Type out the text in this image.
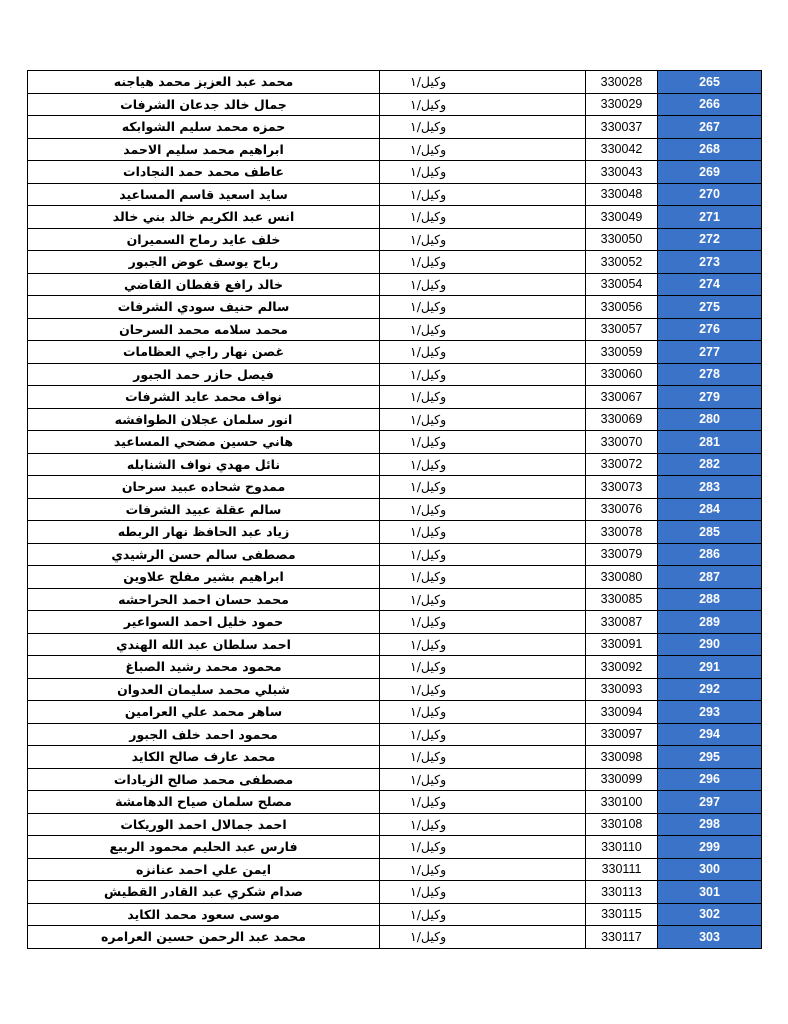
محمد عبد العزيز محمد هياجنه	وكيل/١	330028	265
جمال خالد جدعان الشرفات	وكيل/١	330029	266
حمزه محمد سليم الشوابكه	وكيل/١	330037	267
ابراهيم محمد سليم الاحمد	وكيل/١	330042	268
عاطف محمد حمد النجادات	وكيل/١	330043	269
سايد اسعيد قاسم المساعيد	وكيل/١	330048	270
انس عبد الكريم خالد بني خالد	وكيل/١	330049	271
خلف عايد رماح السميران	وكيل/١	330050	272
رباح يوسف عوض الجبور	وكيل/١	330052	273
خالد رافع قفطان القاضي	وكيل/١	330054	274
سالم حنيف سودي الشرفات	وكيل/١	330056	275
محمد سلامه محمد السرحان	وكيل/١	330057	276
غصن نهار راجي العظامات	وكيل/١	330059	277
فيصل حازر حمد الجبور	وكيل/١	330060	278
نواف محمد عايد الشرفات	وكيل/١	330067	279
انور سلمان عجلان الطوافشه	وكيل/١	330069	280
هاني حسين مضحي المساعيد	وكيل/١	330070	281
نائل مهدي نواف الشنابله	وكيل/١	330072	282
ممدوح شحاده عبيد سرحان	وكيل/١	330073	283
سالم عقلة عبيد الشرفات	وكيل/١	330076	284
زياد عبد الحافظ نهار الربطه	وكيل/١	330078	285
مصطفى سالم حسن الرشيدي	وكيل/١	330079	286
ابراهيم بشير مفلح علاوين	وكيل/١	330080	287
محمد حسان احمد الحراحشه	وكيل/١	330085	288
حمود خليل احمد السواعير	وكيل/١	330087	289
احمد سلطان عبد الله الهندي	وكيل/١	330091	290
محمود محمد رشيد الصباغ	وكيل/١	330092	291
شبلي محمد سليمان العدوان	وكيل/١	330093	292
ساهر محمد علي العرامين	وكيل/١	330094	293
محمود احمد خلف الجبور	وكيل/١	330097	294
محمد عارف صالح الكايد	وكيل/١	330098	295
مصطفى محمد صالح الزيادات	وكيل/١	330099	296
مصلح سلمان صياح الدهامشة	وكيل/١	330100	297
احمد جمالال احمد الوريكات	وكيل/١	330108	298
فارس عبد الحليم محمود الربيع	وكيل/١	330110	299
ايمن علي احمد عنانزه	وكيل/١	330111	300
صدام شكري عبد القادر القطيش	وكيل/١	330113	301
موسى سعود محمد الكايد	وكيل/١	330115	302
محمد عبد الرحمن حسين العرامره	وكيل/١	330117	303
